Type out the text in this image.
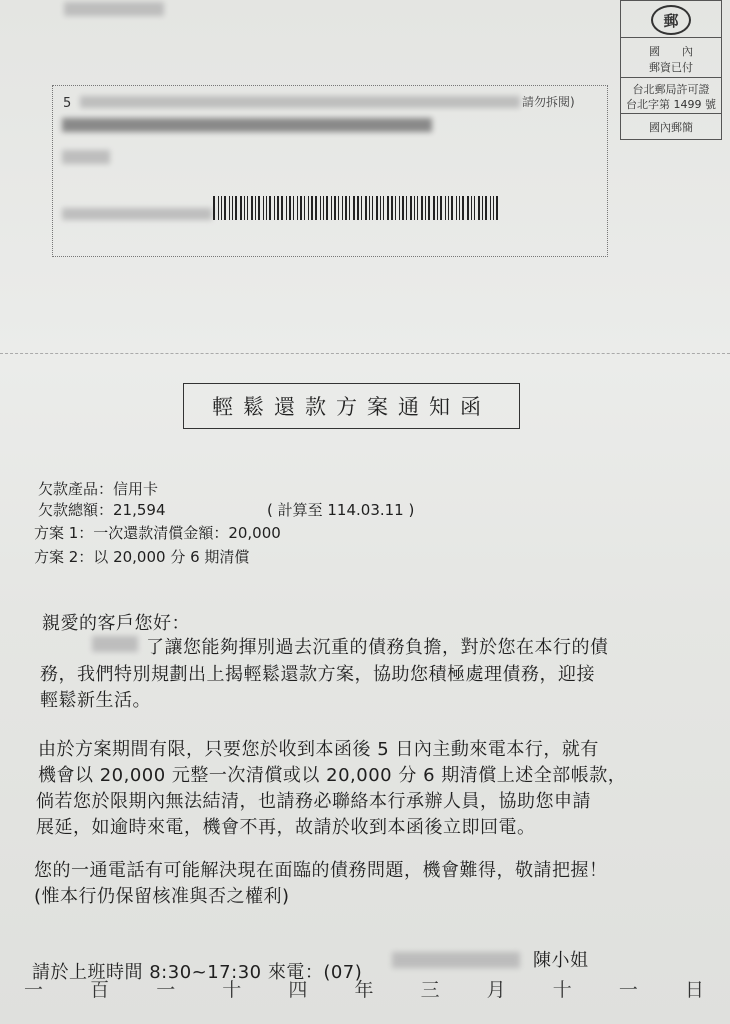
郵
國　　內
郵資已付
台北郵局許可證
台北字第 1499 號
國內郵簡
5	請勿拆閱)
輕鬆還款方案通知函
欠款產品：信用卡
欠款總額：21,594	( 計算至 114.03.11 )
方案 1：一次還款清償金額：20,000
方案 2：以 20,000 分 6 期清償
親愛的客戶您好：
了讓您能夠揮別過去沉重的債務負擔，對於您在本行的債
務，我們特別規劃出上揭輕鬆還款方案，協助您積極處理債務，迎接
輕鬆新生活。
由於方案期間有限，只要您於收到本函後 5 日內主動來電本行，就有
機會以 20,000 元整一次清償或以 20,000 分 6 期清償上述全部帳款，
倘若您於限期內無法結清，也請務必聯絡本行承辦人員，協助您申請
展延，如逾時來電，機會不再，故請於收到本函後立即回電。
您的一通電話有可能解決現在面臨的債務問題，機會難得，敬請把握！
(惟本行仍保留核准與否之權利)
請於上班時間 8:30~17:30 來電：(07)
陳小姐
一 百 一 十 四 年 三 月 十 一 日
